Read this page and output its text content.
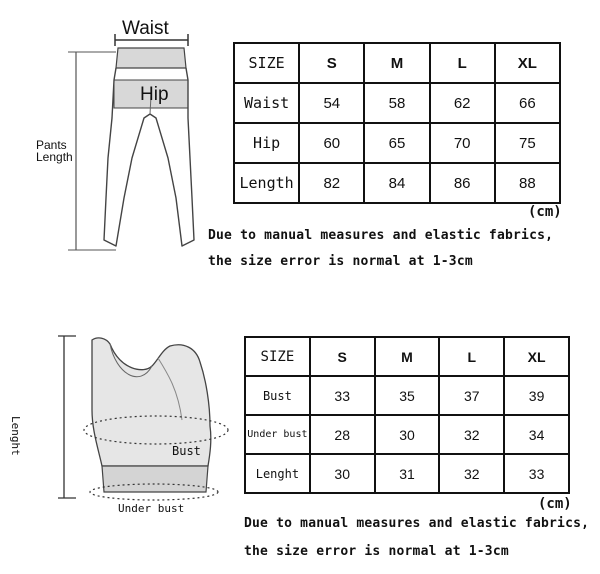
Waist
Hip
Pants
Length
SIZE	S	M	L	XL
Waist	54	58	62	66
Hip	60	65	70	75
Length	82	84	86	88
(cm)
Due to manual measures and elastic fabrics,
the size error is normal at 1-3cm
Lenght	Bust
Under bust
SIZE	S	M	L	XL
Bust	33	35	37	39
Under bust	28	30	32	34
Lenght	30	31	32	33
(cm)
Due to manual measures and elastic fabrics,
the size error is normal at 1-3cm
